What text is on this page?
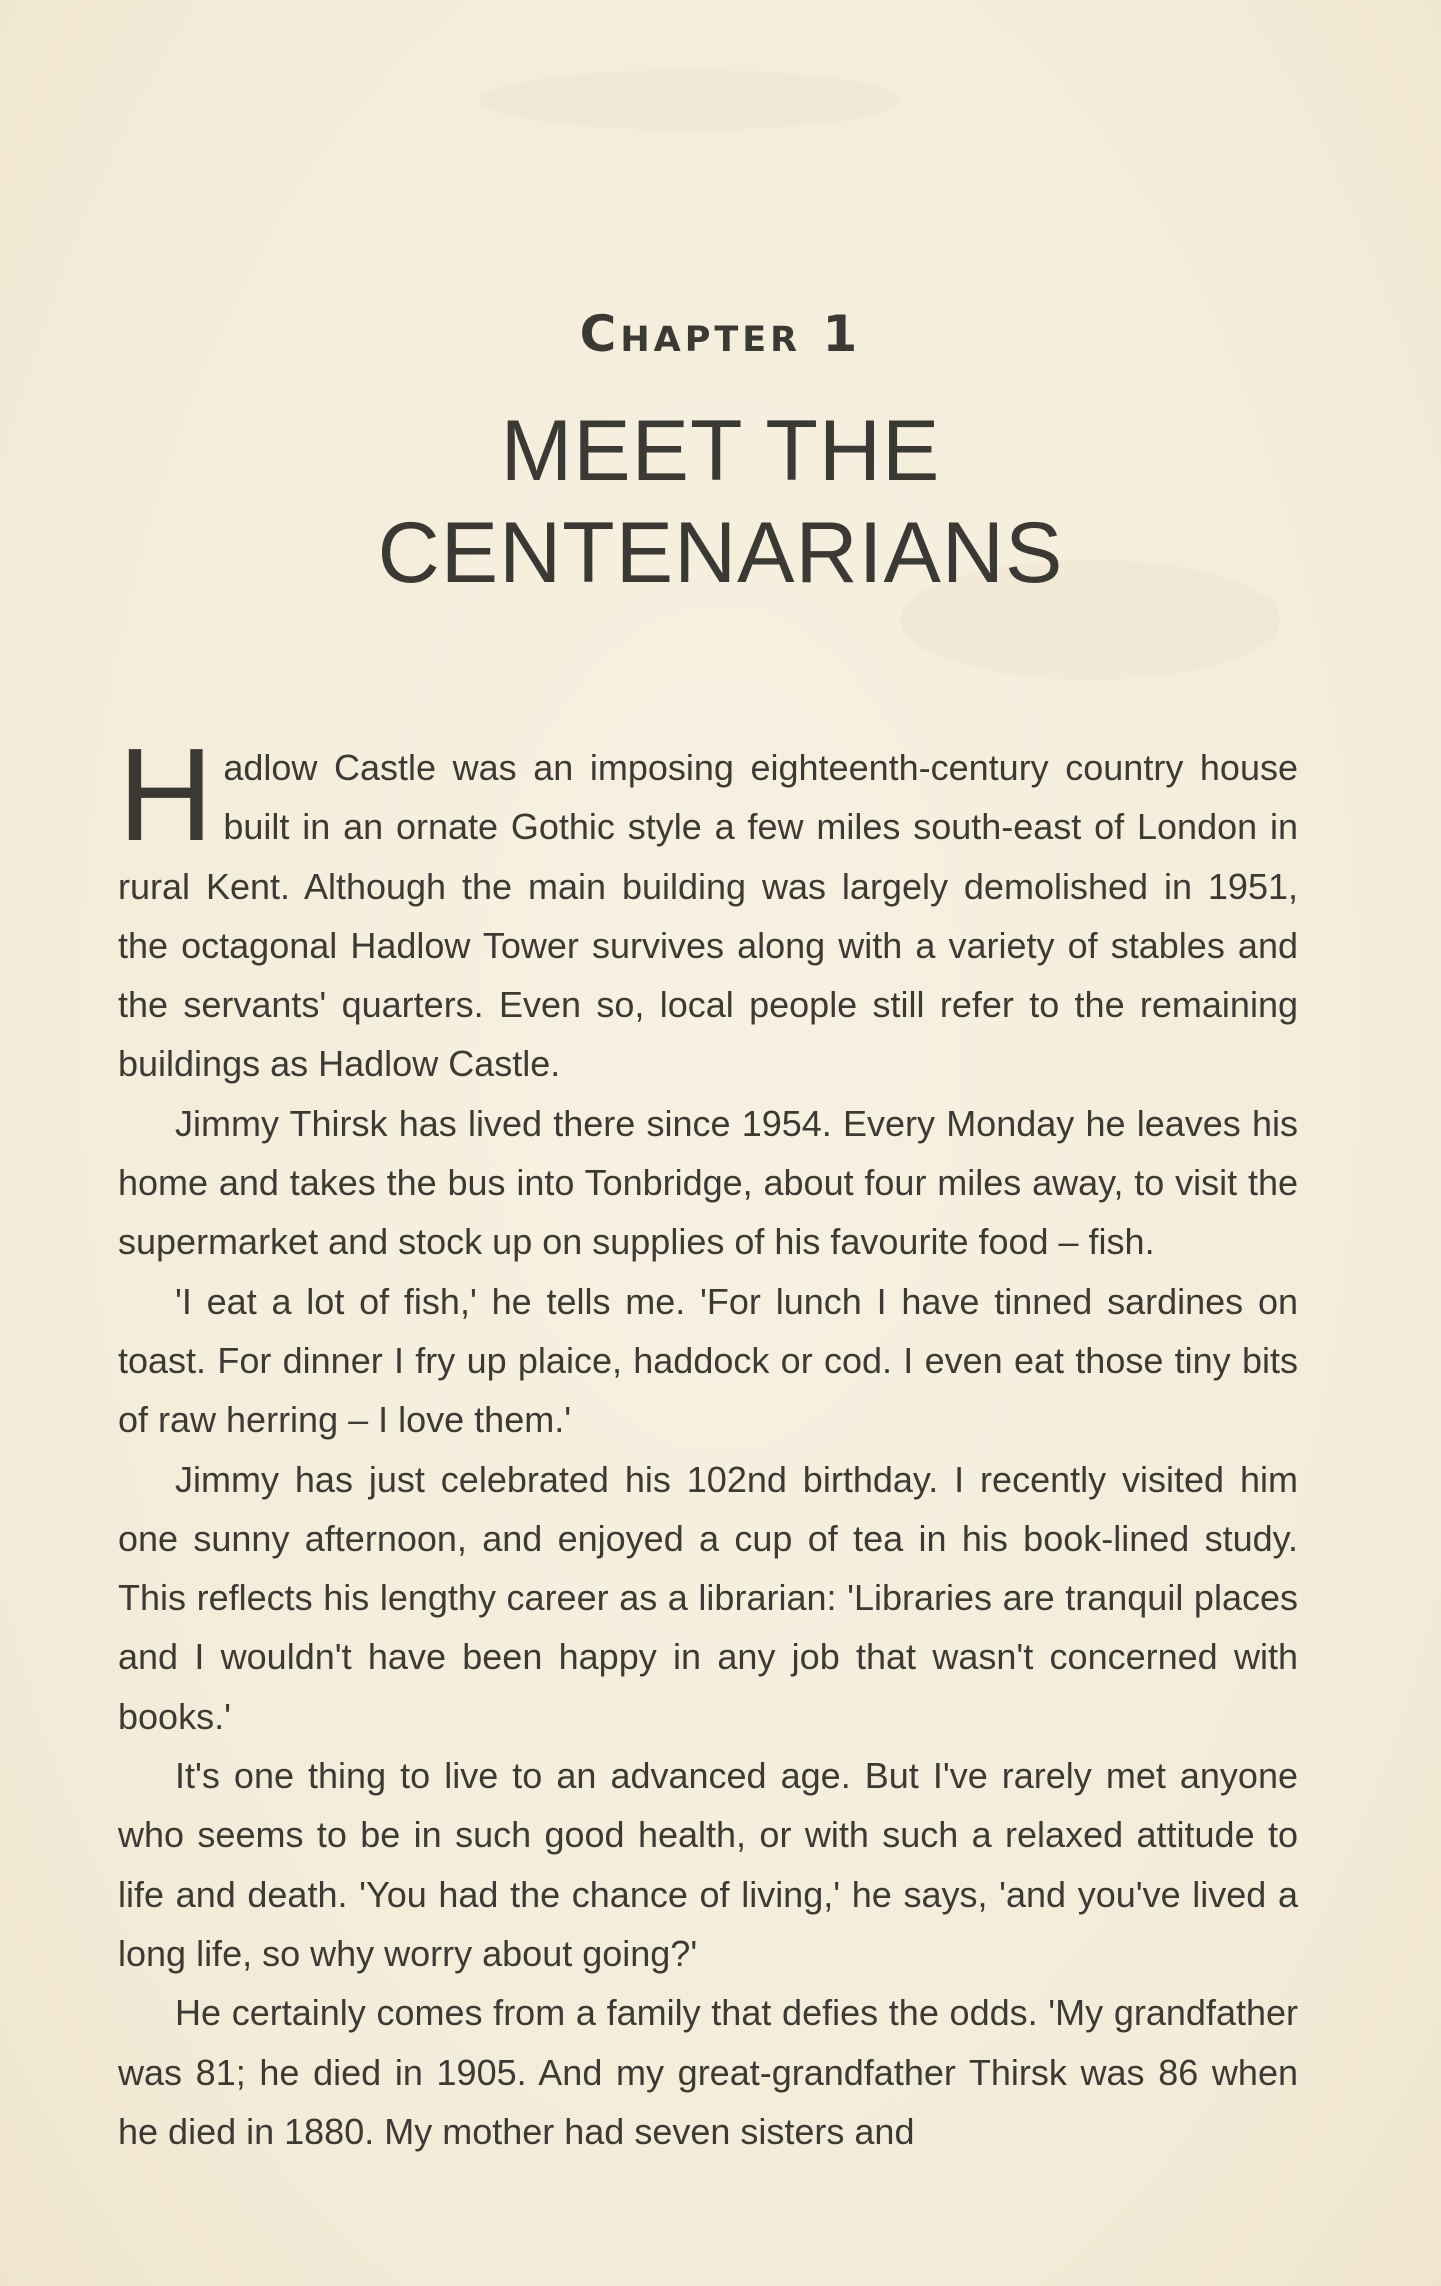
Chapter 1
MEET THE
CENTENARIANS

Hadlow Castle was an imposing eighteenth-century country house built in an ornate Gothic style a few miles south-east of London in rural Kent. Although the main building was largely demolished in 1951, the octagonal Hadlow Tower survives along with a variety of stables and the servants' quarters. Even so, local people still refer to the remaining buildings as Hadlow Castle.

Jimmy Thirsk has lived there since 1954. Every Monday he leaves his home and takes the bus into Tonbridge, about four miles away, to visit the supermarket and stock up on supplies of his favourite food – fish.

'I eat a lot of fish,' he tells me. 'For lunch I have tinned sardines on toast. For dinner I fry up plaice, haddock or cod. I even eat those tiny bits of raw herring – I love them.'

Jimmy has just celebrated his 102nd birthday. I recently visited him one sunny afternoon, and enjoyed a cup of tea in his book-lined study. This reflects his lengthy career as a librarian: 'Libraries are tranquil places and I wouldn't have been happy in any job that wasn't concerned with books.'

It's one thing to live to an advanced age. But I've rarely met anyone who seems to be in such good health, or with such a relaxed attitude to life and death. 'You had the chance of living,' he says, 'and you've lived a long life, so why worry about going?'

He certainly comes from a family that defies the odds. 'My grandfather was 81; he died in 1905. And my great-grandfather Thirsk was 86 when he died in 1880. My mother had seven sisters and
